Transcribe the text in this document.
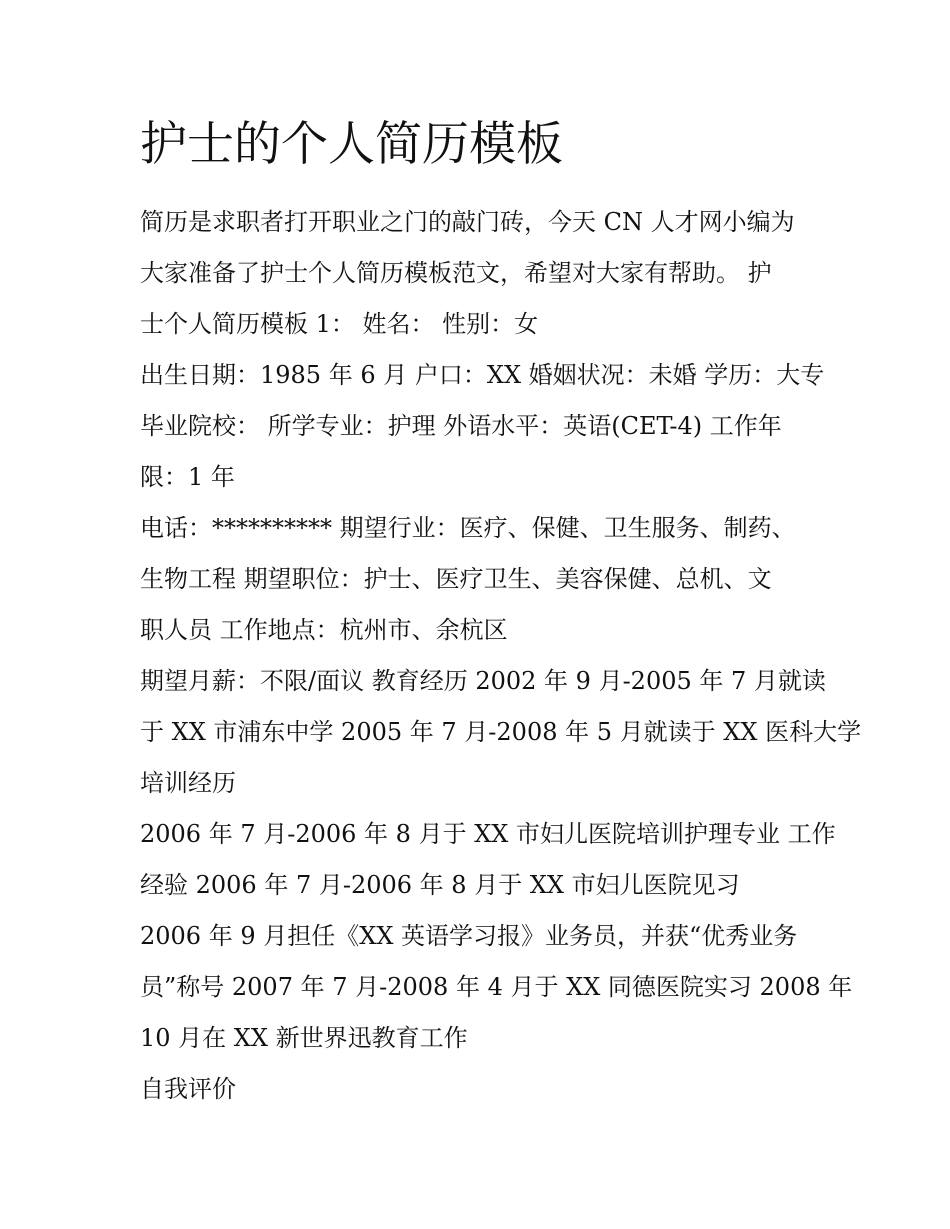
护士的个人简历模板

简历是求职者打开职业之门的敲门砖，今天 CN 人才网小编为

大家准备了护士个人简历模板范文，希望对大家有帮助。 护

士个人简历模板 1： 姓名： 性别：女

出生日期：1985 年 6 月 户口：XX 婚姻状况：未婚 学历：大专

毕业院校： 所学专业：护理 外语水平：英语(CET-4) 工作年

限：1 年

电话：********** 期望行业：医疗、保健、卫生服务、制药、

生物工程 期望职位：护士、医疗卫生、美容保健、总机、文

职人员 工作地点：杭州市、余杭区

期望月薪：不限/面议 教育经历 2002 年 9 月-2005 年 7 月就读

于 XX 市浦东中学 2005 年 7 月-2008 年 5 月就读于 XX 医科大学

培训经历

2006 年 7 月-2006 年 8 月于 XX 市妇儿医院培训护理专业 工作

经验 2006 年 7 月-2006 年 8 月于 XX 市妇儿医院见习

2006 年 9 月担任《XX 英语学习报》业务员，并获“优秀业务

员”称号 2007 年 7 月-2008 年 4 月于 XX 同德医院实习 2008 年

10 月在 XX 新世界迅教育工作

自我评价
